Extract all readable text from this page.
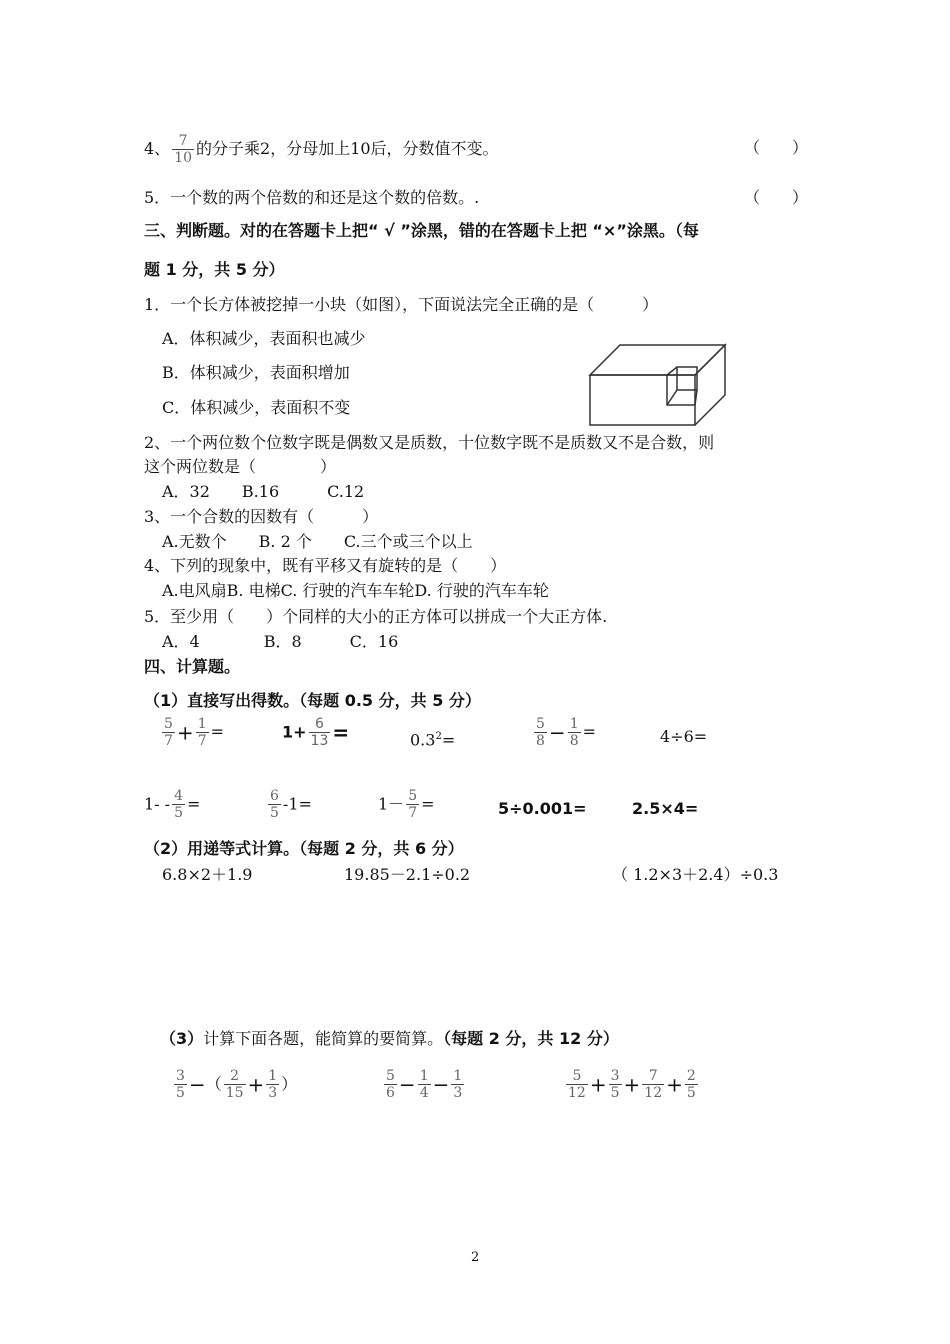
4、 $\frac{7}{10}$ 的分子乘2，分母加上10后，分数值不变。	（　　）
5．一个数的两个倍数的和还是这个数的倍数。.	（　　）
三、判断题。对的在答题卡上把“ √ ”涂黑，错的在答题卡上把 “×”涂黑。（每
题 1 分，共 5 分）
1．一个长方体被挖掉一小块（如图），下面说法完全正确的是（　　　）
A．体积减少，表面积也减少
B．体积减少，表面积增加
C．体积减少，表面积不变
2、一个两位数个位数字既是偶数又是质数，十位数字既不是质数又不是合数，则
这个两位数是（　　　　）
A．32　　B.16　　　C.12
3、一个合数的因数有（　　　）
A.无数个　　B. 2 个　　C.三个或三个以上
4、下列的现象中，既有平移又有旋转的是（　　）
A.电风扇B. 电梯C. 行驶的汽车车轮D. 行驶的汽车车轮
5．至少用（　　）个同样的大小的正方体可以拼成一个大正方体.
A．4　　　　B．8　　　C．16
四、计算题。
（1）直接写出得数。（每题 0.5 分，共 5 分）
$\frac{5}{7} + \frac{1}{7}$ =	$1+ \frac{6}{13}$ =	$0.3^2=$	$\frac{5}{8} - \frac{1}{8}$ =	4÷6=
$1- - \frac{4}{5}$ =	$\frac{6}{5} -1=$	$1- \frac{5}{7}$ =	5÷0.001=	2.5×4=
（2）用递等式计算。（每题 2 分，共 6 分）
6.8×2＋1.9	19.85－2.1÷0.2	（ 1.2×3＋2.4）÷0.3
（3）计算下面各题，能简算的要简算。（每题 2 分，共 12 分）
$\frac{3}{5}$ −（ $\frac{2}{15} + \frac{1}{3}$ ）	$\frac{5}{6} - \frac{1}{4} - \frac{1}{3}$	$\frac{5}{12} + \frac{3}{5} + \frac{7}{12} + \frac{2}{5}$
2
